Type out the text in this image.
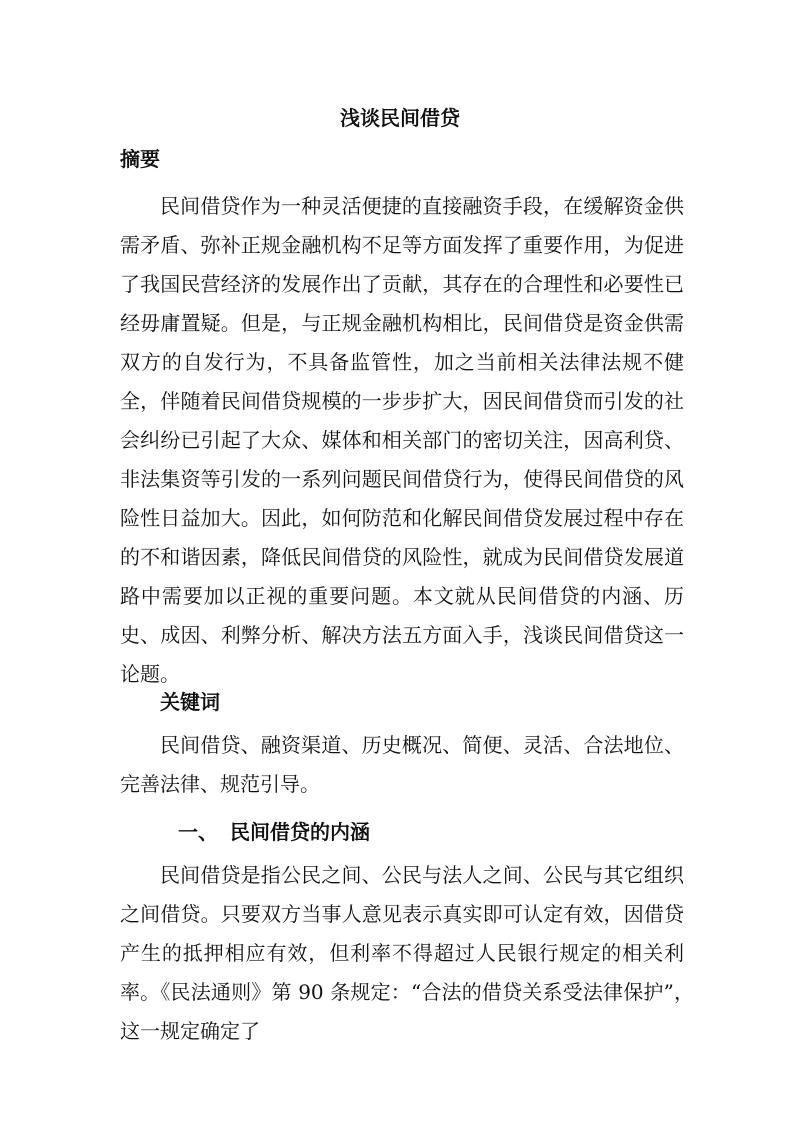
浅谈民间借贷
摘要

民间借贷作为一种灵活便捷的直接融资手段，在缓解资金供需矛盾、弥补正规金融机构不足等方面发挥了重要作用，为促进了我国民营经济的发展作出了贡献，其存在的合理性和必要性已经毋庸置疑。但是，与正规金融机构相比，民间借贷是资金供需双方的自发行为，不具备监管性，加之当前相关法律法规不健全，伴随着民间借贷规模的一步步扩大，因民间借贷而引发的社会纠纷已引起了大众、媒体和相关部门的密切关注，因高利贷、非法集资等引发的一系列问题民间借贷行为，使得民间借贷的风险性日益加大。因此，如何防范和化解民间借贷发展过程中存在的不和谐因素，降低民间借贷的风险性，就成为民间借贷发展道路中需要加以正视的重要问题。本文就从民间借贷的内涵、历史、成因、利弊分析、解决方法五方面入手，浅谈民间借贷这一论题。

关键词

民间借贷、融资渠道、历史概况、简便、灵活、合法地位、完善法律、规范引导。

一、 民间借贷的内涵

民间借贷是指公民之间、公民与法人之间、公民与其它组织之间借贷。只要双方当事人意见表示真实即可认定有效，因借贷产生的抵押相应有效，但利率不得超过人民银行规定的相关利率。《民法通则》第 90 条规定：“合法的借贷关系受法律保护”，　这一规定确定了
